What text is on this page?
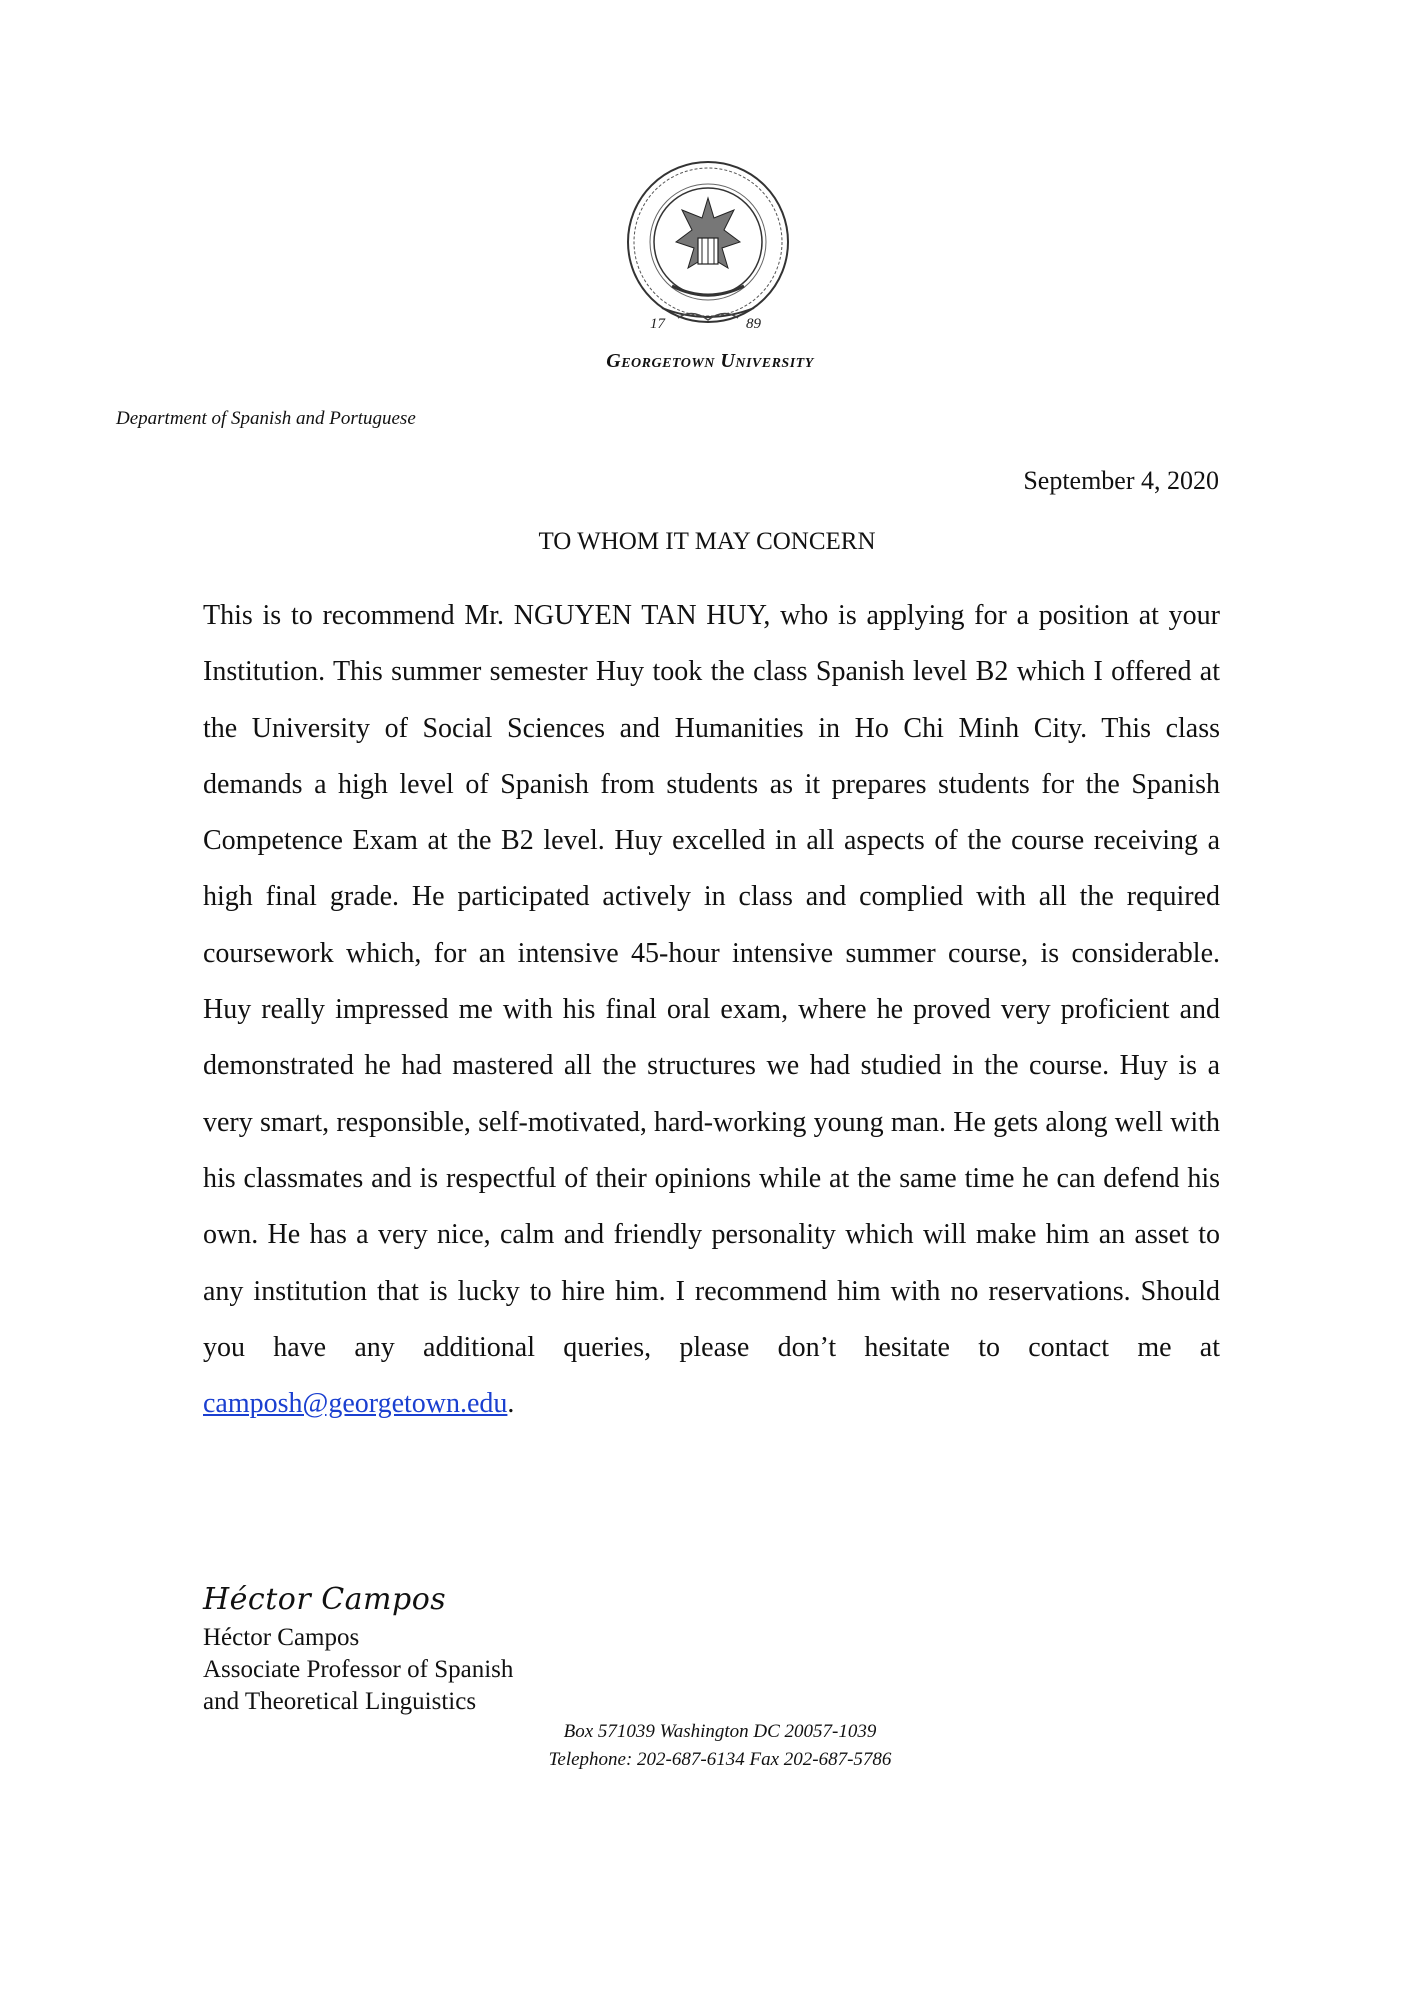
17	89
Georgetown University
Department of Spanish and Portuguese
September 4, 2020
TO WHOM IT MAY CONCERN
This is to recommend Mr. NGUYEN TAN HUY, who is applying for a position at your Institution. This summer semester Huy took the class Spanish level B2 which I offered at the University of Social Sciences and Humanities in Ho Chi Minh City. This class demands a high level of Spanish from students as it prepares students for the Spanish Competence Exam at the B2 level. Huy excelled in all aspects of the course receiving a high final grade. He participated actively in class and complied with all the required coursework which, for an intensive 45-hour intensive summer course, is considerable. Huy really impressed me with his final oral exam, where he proved very proficient and demonstrated he had mastered all the structures we had studied in the course. Huy is a very smart, responsible, self-motivated, hard-working young man. He gets along well with his classmates and is respectful of their opinions while at the same time he can defend his own. He has a very nice, calm and friendly personality which will make him an asset to any institution that is lucky to hire him. I recommend him with no reservations. Should you have any additional queries, please don’t hesitate to contact me at camposh@georgetown.edu.
Héctor Campos
Héctor Campos
Associate Professor of Spanish
and Theoretical Linguistics
Box 571039 Washington DC 20057-1039
Telephone: 202-687-6134 Fax 202-687-5786
